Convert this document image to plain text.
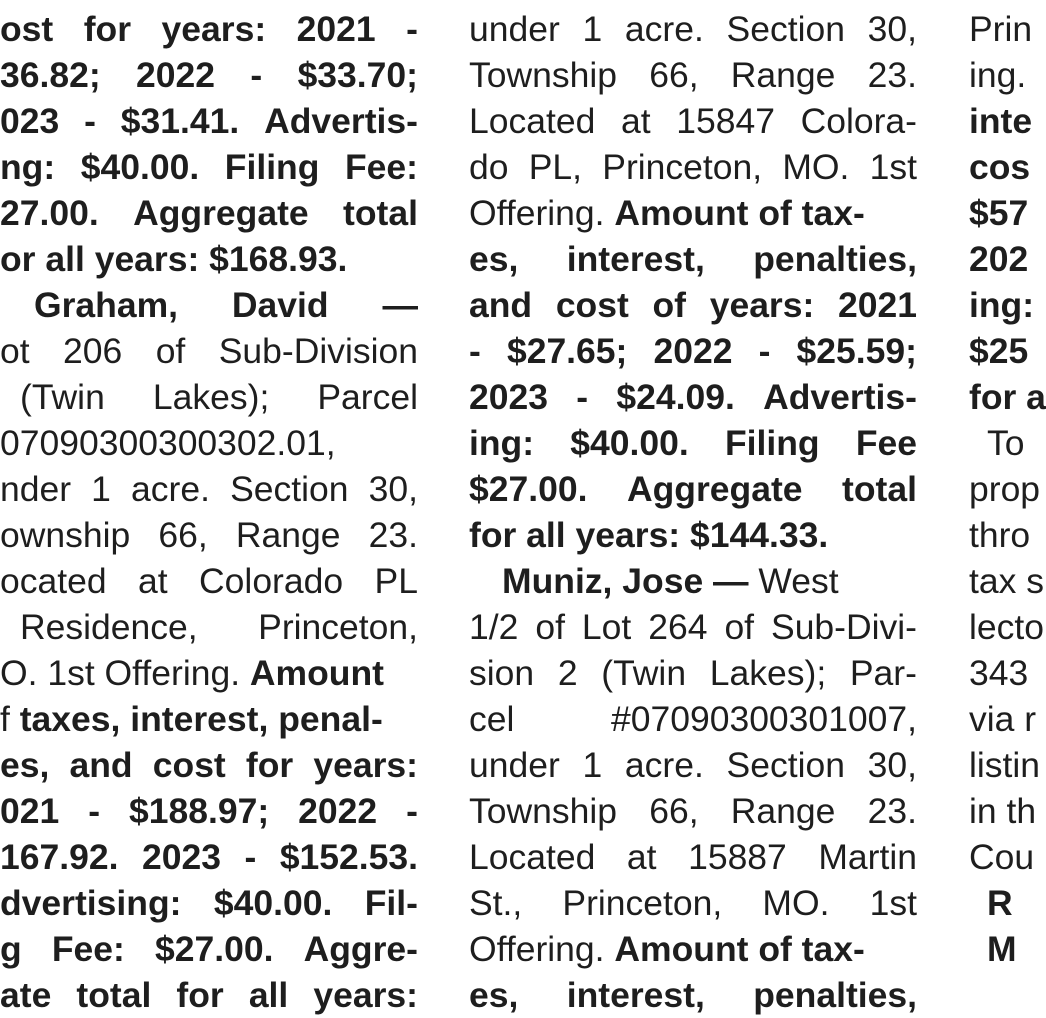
ost for years: 2021 -
36.82; 2022 - $33.70;
023 - $31.41. Advertis-
ng: $40.00. Filing Fee:
27.00. Aggregate total
or all years: $168.93.
Graham, David —
ot 206 of Sub-Division
(Twin Lakes); Parcel
07090300300302.01,
nder 1 acre. Section 30,
ownship 66, Range 23.
ocated at Colorado PL
Residence, Princeton,
O. 1st Offering. Amount
f taxes, interest, penal-
es, and cost for years:
021 - $188.97; 2022 -
167.92. 2023 - $152.53.
dvertising: $40.00. Fil-
g Fee: $27.00. Aggre-
ate total for all years:
under 1 acre. Section 30,
Township 66, Range 23.
Located at 15847 Colora-
do PL, Princeton, MO. 1st
Offering. Amount of tax-
es, interest, penalties,
and cost of years: 2021
- $27.65; 2022 - $25.59;
2023 - $24.09. Advertis-
ing: $40.00. Filing Fee
$27.00. Aggregate total
for all years: $144.33.
Muniz, Jose — West
1/2 of Lot 264 of Sub-Divi-
sion 2 (Twin Lakes); Par-
cel	#07090300301007,
under 1 acre. Section 30,
Township 66, Range 23.
Located at 15887 Martin
St., Princeton, MO. 1st
Offering. Amount of tax-
es, interest, penalties,
Prin
ing.
inte
cos
$57
202
ing:
$25
for a
To
prop
thro
tax s
lecto
343
via r
listin
in th
Cou
R
M
